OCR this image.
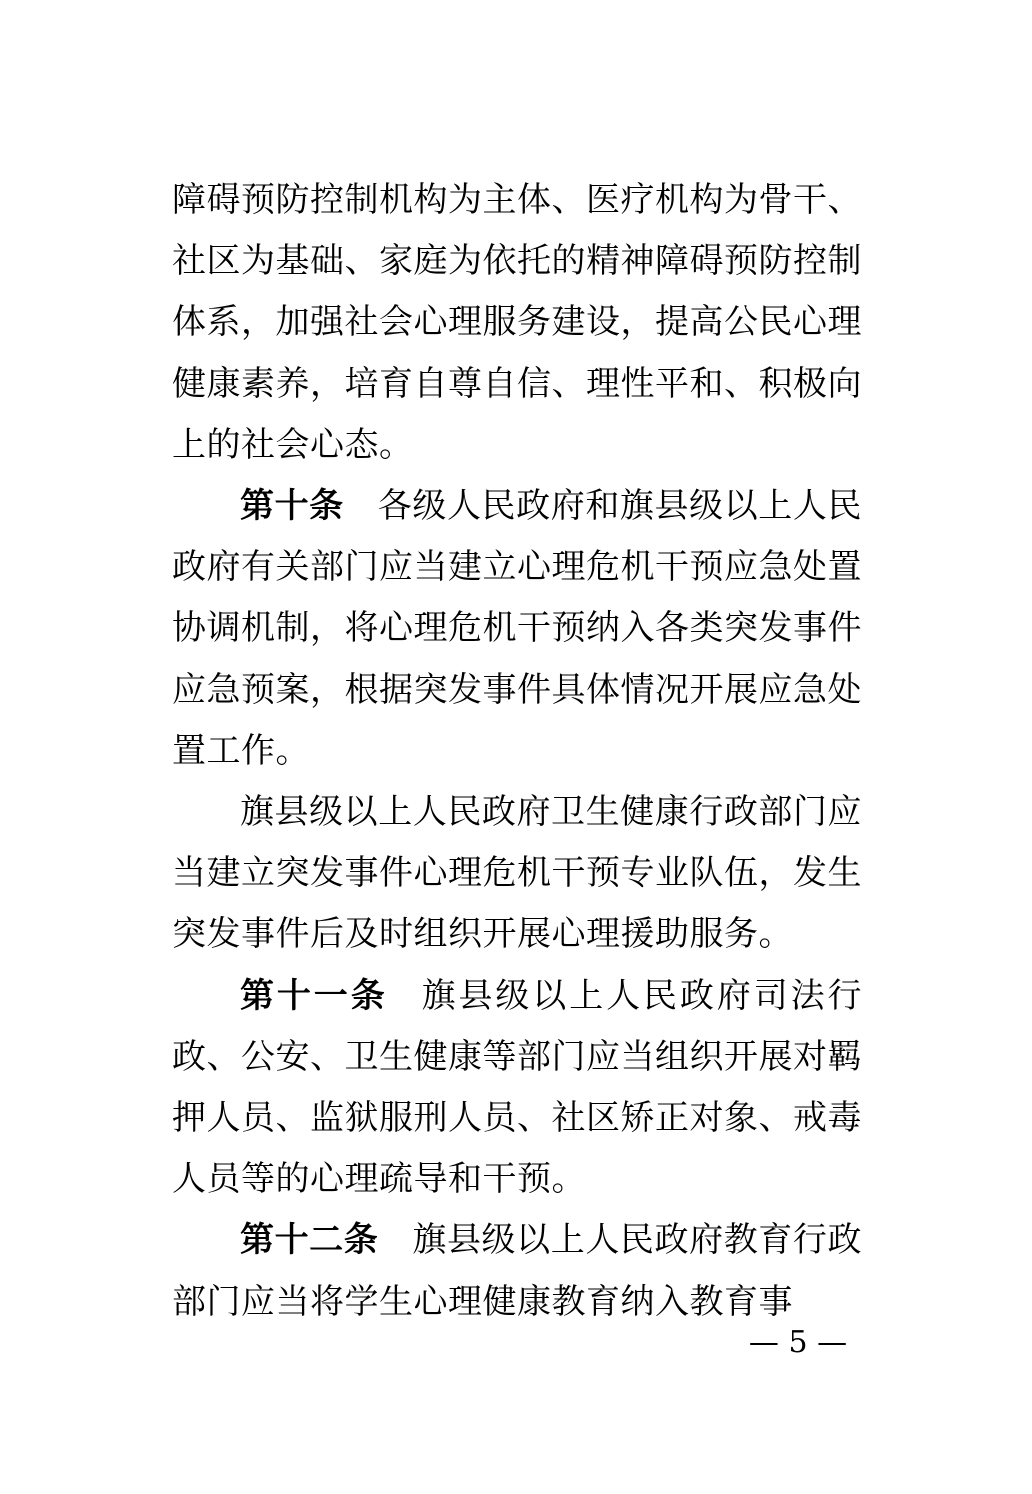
障碍预防控制机构为主体、医疗机构为骨干、社区为基础、家庭为依托的精神障碍预防控制体系，加强社会心理服务建设，提高公民心理健康素养，培育自尊自信、理性平和、积极向上的社会心态。

第十条 各级人民政府和旗县级以上人民政府有关部门应当建立心理危机干预应急处置协调机制，将心理危机干预纳入各类突发事件应急预案，根据突发事件具体情况开展应急处置工作。

旗县级以上人民政府卫生健康行政部门应当建立突发事件心理危机干预专业队伍，发生突发事件后及时组织开展心理援助服务。

第十一条 旗县级以上人民政府司法行政、公安、卫生健康等部门应当组织开展对羁押人员、监狱服刑人员、社区矫正对象、戒毒人员等的心理疏导和干预。

第十二条 旗县级以上人民政府教育行政部门应当将学生心理健康教育纳入教育事

— 5 —
